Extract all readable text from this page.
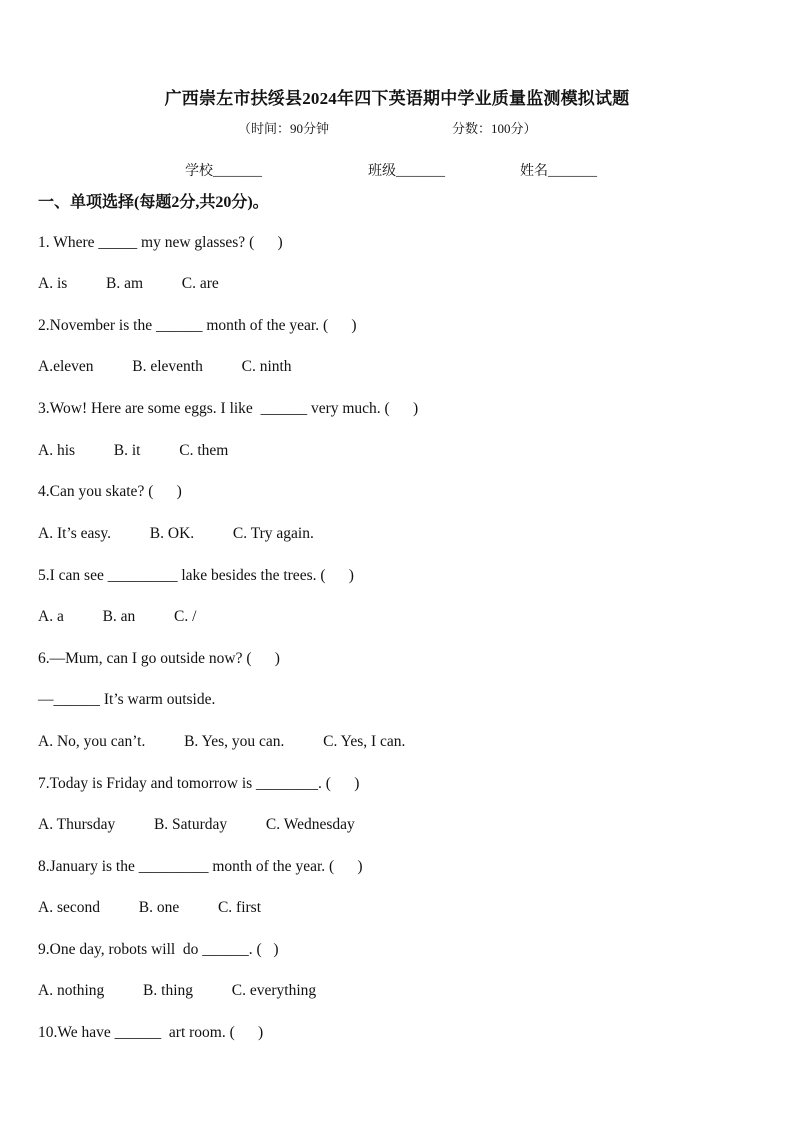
广西崇左市扶绥县2024年四下英语期中学业质量监测模拟试题
（时间：90分钟	分数：100分）
学校_______	班级_______	姓名_______
一、单项选择(每题2分,共20分)。
1. Where _____ my new glasses? (      )
A. is          B. am          C. are
2.November is the ______ month of the year. (      )
A.eleven          B. eleventh          C. ninth
3.Wow! Here are some eggs. I like  ______ very much. (      )
A. his          B. it          C. them
4.Can you skate? (      )
A. It’s easy.          B. OK.          C. Try again.
5.I can see _________ lake besides the trees. (      )
A. a          B. an          C. /
6.—Mum, can I go outside now? (      )
—______ It’s warm outside.
A. No, you can’t.          B. Yes, you can.          C. Yes, I can.
7.Today is Friday and tomorrow is ________. (      )
A. Thursday          B. Saturday          C. Wednesday
8.January is the _________ month of the year. (      )
A. second          B. one          C. first
9.One day, robots will  do ______. (   )
A. nothing          B. thing          C. everything
10.We have ______  art room. (      )
